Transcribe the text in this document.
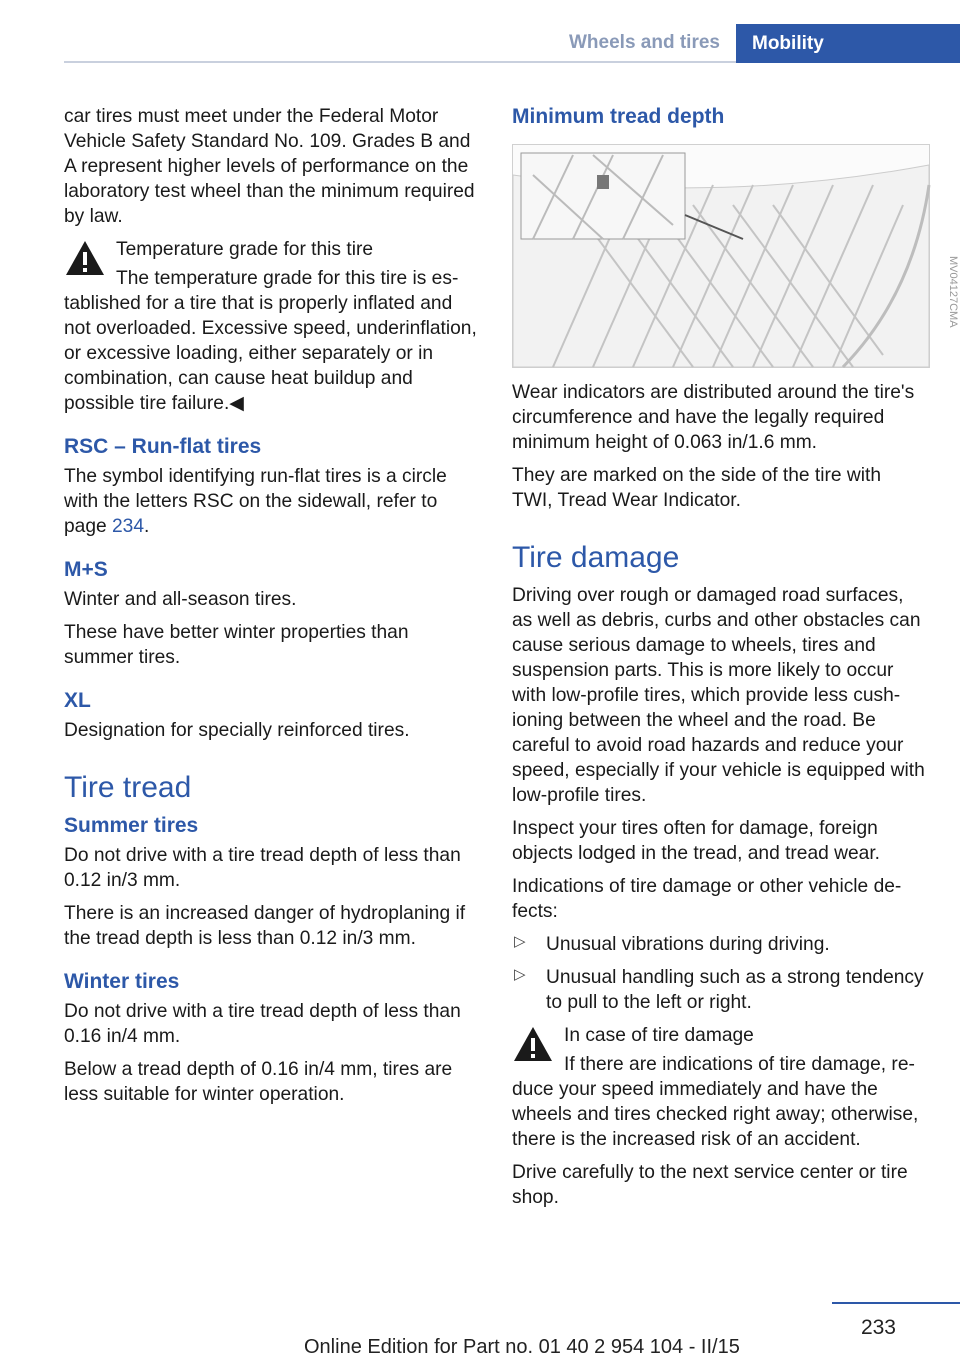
Wheels and tires	Mobility

car tires must meet under the Federal Motor Vehicle Safety Standard No. 109. Grades B and A represent higher levels of performance on the laboratory test wheel than the minimum required by law.

Temperature grade for this tire

The temperature grade for this tire is established for a tire that is properly inflated and not overloaded. Excessive speed, underinflation, or excessive loading, either separately or in combination, can cause heat buildup and possible tire failure.◀

RSC – Run-flat tires

The symbol identifying run-flat tires is a circle with the letters RSC on the sidewall, refer to page 234.

M+S

Winter and all-season tires.

These have better winter properties than summer tires.

XL

Designation for specially reinforced tires.

Tire tread
Summer tires

Do not drive with a tire tread depth of less than 0.12 in/3 mm.

There is an increased danger of hydroplaning if the tread depth is less than 0.12 in/3 mm.

Winter tires

Do not drive with a tire tread depth of less than 0.16 in/4 mm.

Below a tread depth of 0.16 in/4 mm, tires are less suitable for winter operation.

Minimum tread depth

Wear indicators are distributed around the tire's circumference and have the legally required minimum height of 0.063 in/1.6 mm.

They are marked on the side of the tire with TWI, Tread Wear Indicator.

Tire damage

Driving over rough or damaged road surfaces, as well as debris, curbs and other obstacles can cause serious damage to wheels, tires and suspension parts. This is more likely to occur with low-profile tires, which provide less cushioning between the wheel and the road. Be careful to avoid road hazards and reduce your speed, especially if your vehicle is equipped with low-profile tires.

Inspect your tires often for damage, foreign objects lodged in the tread, and tread wear.

Indications of tire damage or other vehicle defects:

▷ Unusual vibrations during driving.

▷ Unusual handling such as a strong tendency to pull to the left or right.

In case of tire damage

If there are indications of tire damage, reduce your speed immediately and have the wheels and tires checked right away; otherwise, there is the increased risk of an accident.

Drive carefully to the next service center or tire shop.

MV04127CMA
233
Online Edition for Part no. 01 40 2 954 104 - II/15
